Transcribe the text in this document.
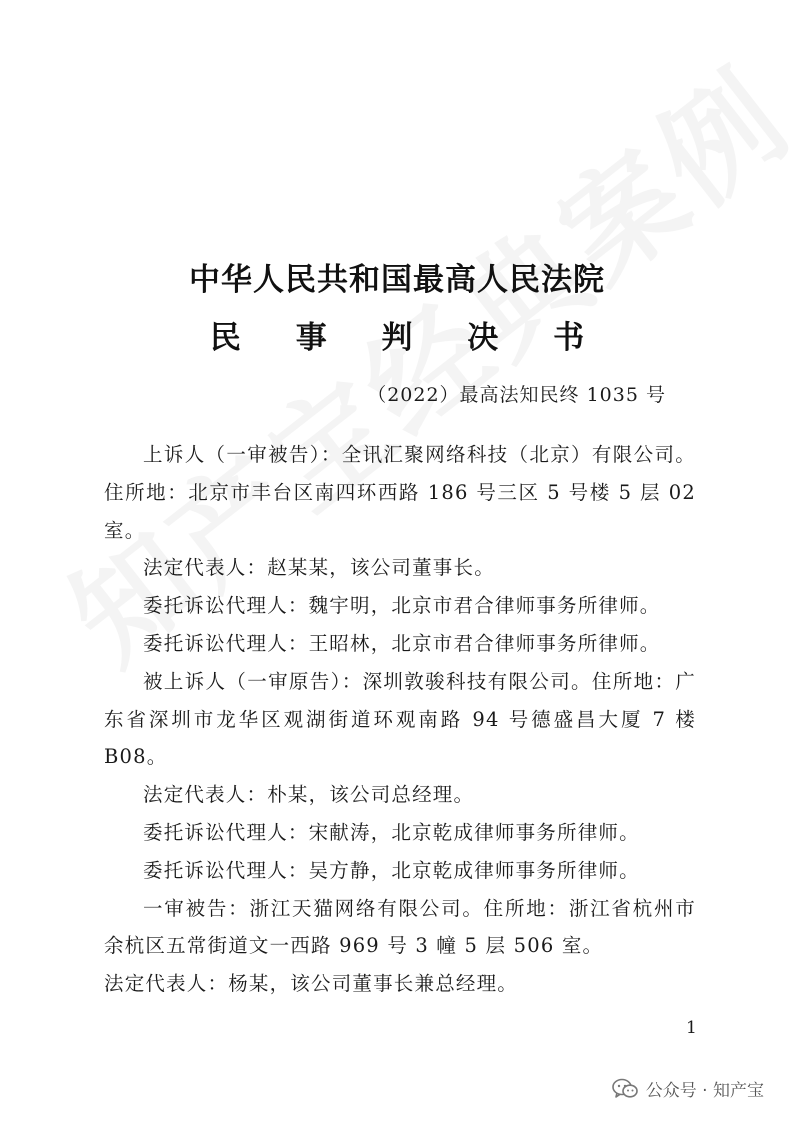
中华人民共和国最高人民法院
民 事 判 决 书
（2022）最高法知民终 1035 号

上诉人（一审被告）：全讯汇聚网络科技（北京）有限公司。住所地：北京市丰台区南四环西路 186 号三区 5 号楼 5 层 02 室。

法定代表人：赵某某，该公司董事长。

委托诉讼代理人：魏宇明，北京市君合律师事务所律师。

委托诉讼代理人：王昭林，北京市君合律师事务所律师。

被上诉人（一审原告）：深圳敦骏科技有限公司。住所地：广东省深圳市龙华区观湖街道环观南路 94 号德盛昌大厦 7 楼 B08。

法定代表人：朴某，该公司总经理。

委托诉讼代理人：宋献涛，北京乾成律师事务所律师。

委托诉讼代理人：吴方静，北京乾成律师事务所律师。

一审被告：浙江天猫网络有限公司。住所地：浙江省杭州市余杭区五常街道文一西路 969 号 3 幢 5 层 506 室。

法定代表人：杨某，该公司董事长兼总经理。

1
公众号 · 知产宝
